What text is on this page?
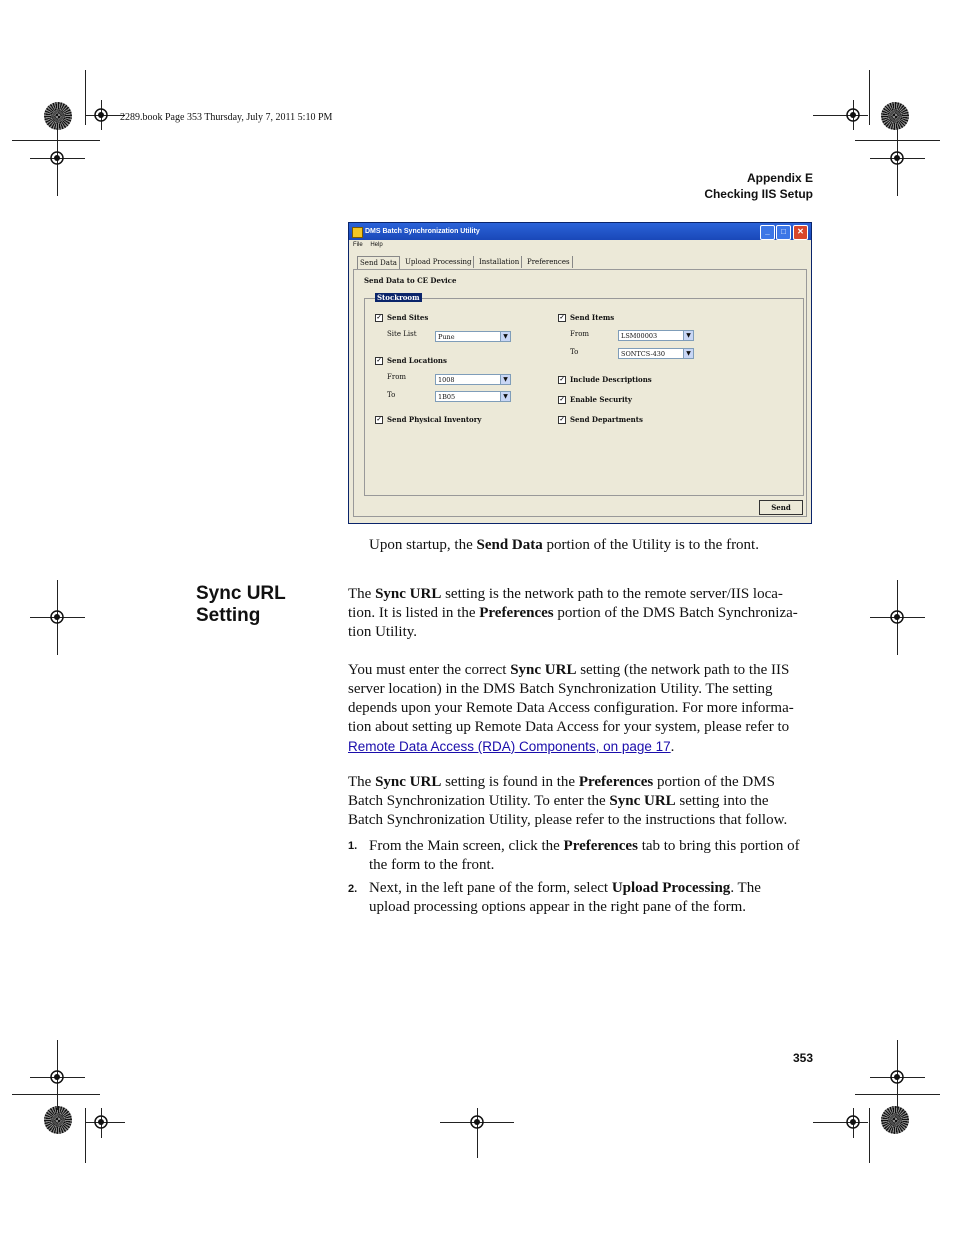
2289.book Page 353 Thursday, July 7, 2011 5:10 PM
Appendix E
Checking IIS Setup
DMS Batch Synchronization Utility	_	□	✕
File Help
Send Data	Upload Processing	Installation	Preferences
Send Data to CE Device
Stockroom
✓ Send Sites
Site List	Pune	▼
✓ Send Locations
From	1008	▼
To	1B05	▼
✓ Send Physical Inventory
✓ Send Items
From	LSM00003	▼
To	SONTCS-430	▼
✓ Include Descriptions
✓ Enable Security
✓ Send Departments
Send
Upon startup, the Send Data portion of the Utility is to the front.
Sync URL
Setting
The Sync URL setting is the network path to the remote server/IIS loca-
tion. It is listed in the Preferences portion of the DMS Batch Synchroniza-
tion Utility.
You must enter the correct Sync URL setting (the network path to the IIS
server location) in the DMS Batch Synchronization Utility. The setting
depends upon your Remote Data Access configuration. For more informa-
tion about setting up Remote Data Access for your system, please refer to
Remote Data Access (RDA) Components, on page 17.
The Sync URL setting is found in the Preferences portion of the DMS
Batch Synchronization Utility. To enter the Sync URL setting into the
Batch Synchronization Utility, please refer to the instructions that follow.
1. From the Main screen, click the Preferences tab to bring this portion of
the form to the front.
2. Next, in the left pane of the form, select Upload Processing. The
upload processing options appear in the right pane of the form.
353
